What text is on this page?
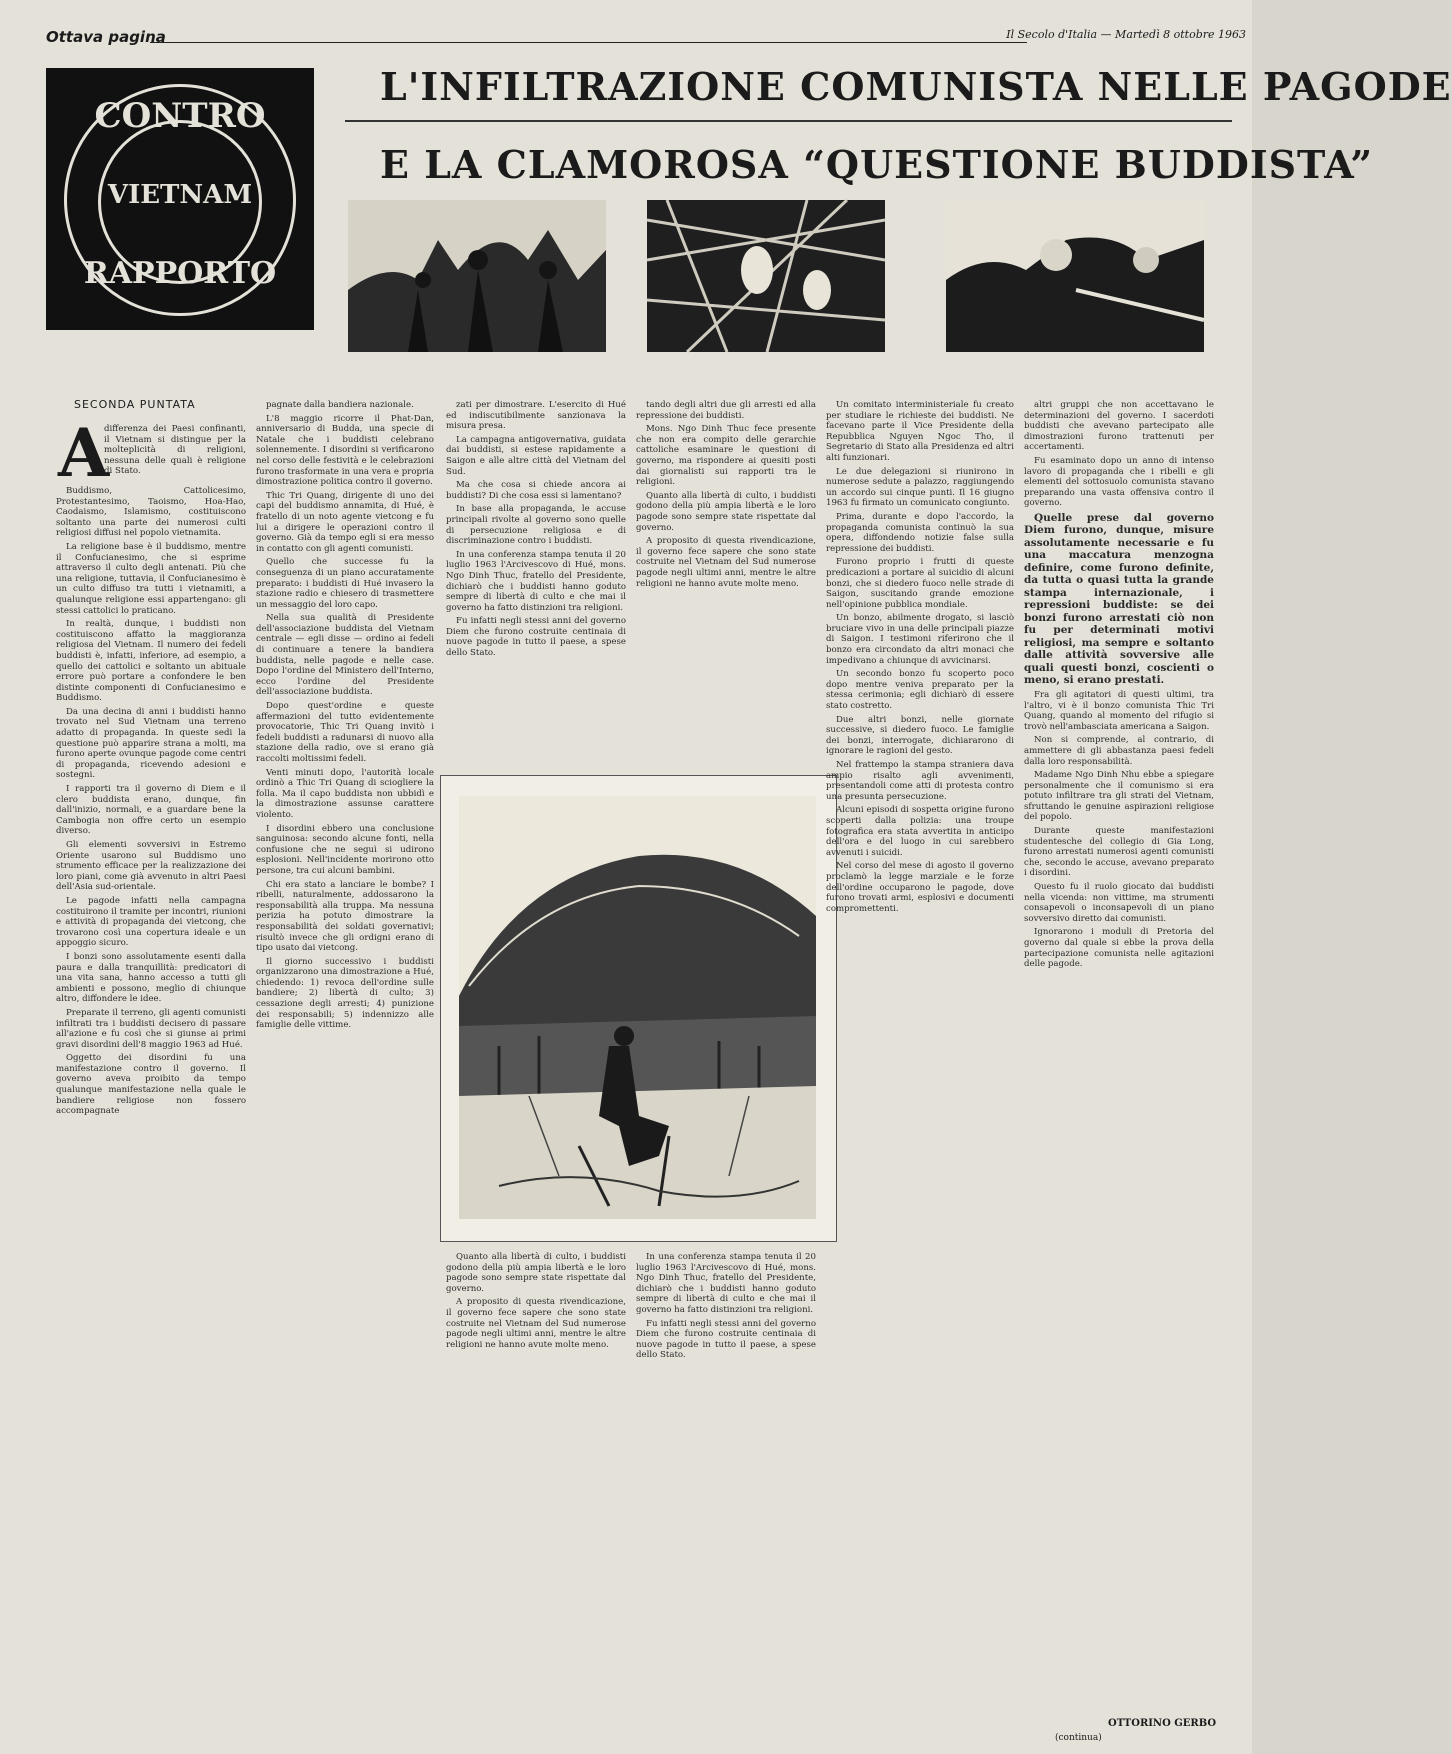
Ottava pagina	Il Secolo d'Italia — Martedì 8 ottobre 1963
CONTRO
VIETNAM
RAPPORTO
L'INFILTRAZIONE COMUNISTA NELLE PAGODE
E LA CLAMOROSA “QUESTIONE BUDDISTA”
SECONDA PUNTATA
A

differenza dei Paesi confinanti, il Vietnam si distingue per la molteplicità di religioni, nessuna delle quali è religione di Stato.

Buddismo, Cattolicesimo, Protestantesimo, Taoismo, Hoa-Hao, Caodaismo, Islamismo, costituiscono soltanto una parte dei numerosi culti religiosi diffusi nel popolo vietnamita.

La religione base è il buddismo, mentre il Confucianesimo, che si esprime attraverso il culto degli antenati. Più che una religione, tuttavia, il Confucianesimo è un culto diffuso tra tutti i vietnamiti, a qualunque religione essi appartengano: gli stessi cattolici lo praticano.

In realtà, dunque, i buddisti non costituiscono affatto la maggioranza religiosa del Vietnam. Il numero dei fedeli buddisti è, infatti, inferiore, ad esempio, a quello dei cattolici e soltanto un abituale errore può portare a confondere le ben distinte componenti di Confucianesimo e Buddismo.

Da una decina di anni i buddisti hanno trovato nel Sud Vietnam una terreno adatto di propaganda. In queste sedi la questione può apparire strana a molti, ma furono aperte ovunque pagode come centri di propaganda, ricevendo adesioni e sostegni.

I rapporti tra il governo di Diem e il clero buddista erano, dunque, fin dall'inizio, normali, e a guardare bene la Cambogia non offre certo un esempio diverso.

Gli elementi sovversivi in Estremo Oriente usarono sul Buddismo uno strumento efficace per la realizzazione dei loro piani, come già avvenuto in altri Paesi dell'Asia sud-orientale.

Le pagode infatti nella campagna costituirono il tramite per incontri, riunioni e attività di propaganda dei vietcong, che trovarono così una copertura ideale e un appoggio sicuro.

I bonzi sono assolutamente esenti dalla paura e dalla tranquillità: predicatori di una vita sana, hanno accesso a tutti gli ambienti e possono, meglio di chiunque altro, diffondere le idee.

Preparate il terreno, gli agenti comunisti infiltrati tra i buddisti decisero di passare all'azione e fu così che si giunse ai primi gravi disordini dell'8 maggio 1963 ad Hué.

Oggetto dei disordini fu una manifestazione contro il governo. Il governo aveva proibito da tempo qualunque manifestazione nella quale le bandiere religiose non fossero accompagnate

pagnate dalla bandiera nazionale.

L'8 maggio ricorre il Phat-Dan, anniversario di Budda, una specie di Natale che i buddisti celebrano solennemente. I disordini si verificarono nel corso delle festività e le celebrazioni furono trasformate in una vera e propria dimostrazione politica contro il governo.

Thic Tri Quang, dirigente di uno dei capi del buddismo annamita, di Hué, è fratello di un noto agente vietcong e fu lui a dirigere le operazioni contro il governo. Già da tempo egli si era messo in contatto con gli agenti comunisti.

Quello che successe fu la conseguenza di un piano accuratamente preparato: i buddisti di Hué invasero la stazione radio e chiesero di trasmettere un messaggio del loro capo.

Nella sua qualità di Presidente dell'associazione buddista del Vietnam centrale — egli disse — ordino ai fedeli di continuare a tenere la bandiera buddista, nelle pagode e nelle case. Dopo l'ordine del Ministero dell'Interno, ecco l'ordine del Presidente dell'associazione buddista.

Dopo quest'ordine e queste affermazioni del tutto evidentemente provocatorie, Thic Tri Quang invitò i fedeli buddisti a radunarsi di nuovo alla stazione della radio, ove si erano già raccolti moltissimi fedeli.

Venti minuti dopo, l'autorità locale ordinò a Thic Tri Quang di sciogliere la folla. Ma il capo buddista non ubbidì e la dimostrazione assunse carattere violento.

I disordini ebbero una conclusione sanguinosa: secondo alcune fonti, nella confusione che ne seguì si udirono esplosioni. Nell'incidente morirono otto persone, tra cui alcuni bambini.

Chi era stato a lanciare le bombe? I ribelli, naturalmente, addossarono la responsabilità alla truppa. Ma nessuna perizia ha potuto dimostrare la responsabilità dei soldati governativi; risultò invece che gli ordigni erano di tipo usato dai vietcong.

Il giorno successivo i buddisti organizzarono una dimostrazione a Hué, chiedendo: 1) revoca dell'ordine sulle bandiere; 2) libertà di culto; 3) cessazione degli arresti; 4) punizione dei responsabili; 5) indennizzo alle famiglie delle vittime.

zati per dimostrare. L'esercito di Hué ed indiscutibilmente sanzionava la misura presa.

La campagna antigovernativa, guidata dai buddisti, si estese rapidamente a Saigon e alle altre città del Vietnam del Sud.

Ma che cosa si chiede ancora ai buddisti? Di che cosa essi si lamentano?

In base alla propaganda, le accuse principali rivolte al governo sono quelle di persecuzione religiosa e di discriminazione contro i buddisti.

In una conferenza stampa tenuta il 20 luglio 1963 l'Arcivescovo di Hué, mons. Ngo Dinh Thuc, fratello del Presidente, dichiarò che i buddisti hanno goduto sempre di libertà di culto e che mai il governo ha fatto distinzioni tra religioni.

Fu infatti negli stessi anni del governo Diem che furono costruite centinaia di nuove pagode in tutto il paese, a spese dello Stato.

tando degli altri due gli arresti ed alla repressione dei buddisti.

Mons. Ngo Dinh Thuc fece presente che non era compito delle gerarchie cattoliche esaminare le questioni di governo, ma rispondere ai quesiti posti dai giornalisti sui rapporti tra le religioni.

Quanto alla libertà di culto, i buddisti godono della più ampia libertà e le loro pagode sono sempre state rispettate dal governo.

A proposito di questa rivendicazione, il governo fece sapere che sono state costruite nel Vietnam del Sud numerose pagode negli ultimi anni, mentre le altre religioni ne hanno avute molte meno.

Quanto alla libertà di culto, i buddisti godono della più ampia libertà e le loro pagode sono sempre state rispettate dal governo.

A proposito di questa rivendicazione, il governo fece sapere che sono state costruite nel Vietnam del Sud numerose pagode negli ultimi anni, mentre le altre religioni ne hanno avute molte meno.

In una conferenza stampa tenuta il 20 luglio 1963 l'Arcivescovo di Hué, mons. Ngo Dinh Thuc, fratello del Presidente, dichiarò che i buddisti hanno goduto sempre di libertà di culto e che mai il governo ha fatto distinzioni tra religioni.

Fu infatti negli stessi anni del governo Diem che furono costruite centinaia di nuove pagode in tutto il paese, a spese dello Stato.

Un comitato interministeriale fu creato per studiare le richieste dei buddisti. Ne facevano parte il Vice Presidente della Repubblica Nguyen Ngoc Tho, il Segretario di Stato alla Presidenza ed altri alti funzionari.

Le due delegazioni si riunirono in numerose sedute a palazzo, raggiungendo un accordo sui cinque punti. Il 16 giugno 1963 fu firmato un comunicato congiunto.

Prima, durante e dopo l'accordo, la propaganda comunista continuò la sua opera, diffondendo notizie false sulla repressione dei buddisti.

Furono proprio i frutti di queste predicazioni a portare al suicidio di alcuni bonzi, che si diedero fuoco nelle strade di Saigon, suscitando grande emozione nell'opinione pubblica mondiale.

Un bonzo, abilmente drogato, si lasciò bruciare vivo in una delle principali piazze di Saigon. I testimoni riferirono che il bonzo era circondato da altri monaci che impedivano a chiunque di avvicinarsi.

Un secondo bonzo fu scoperto poco dopo mentre veniva preparato per la stessa cerimonia; egli dichiarò di essere stato costretto.

Due altri bonzi, nelle giornate successive, si diedero fuoco. Le famiglie dei bonzi, interrogate, dichiararono di ignorare le ragioni del gesto.

Nel frattempo la stampa straniera dava ampio risalto agli avvenimenti, presentandoli come atti di protesta contro una presunta persecuzione.

Alcuni episodi di sospetta origine furono scoperti dalla polizia: una troupe fotografica era stata avvertita in anticipo dell'ora e del luogo in cui sarebbero avvenuti i suicidi.

Nel corso del mese di agosto il governo proclamò la legge marziale e le forze dell'ordine occuparono le pagode, dove furono trovati armi, esplosivi e documenti compromettenti.

altri gruppi che non accettavano le determinazioni del governo. I sacerdoti buddisti che avevano partecipato alle dimostrazioni furono trattenuti per accertamenti.

Fu esaminato dopo un anno di intenso lavoro di propaganda che i ribelli e gli elementi del sottosuolo comunista stavano preparando una vasta offensiva contro il governo.

Quelle prese dal governo Diem furono, dunque, misure assolutamente necessarie e fu una maccatura menzogna definire, come furono definite, da tutta o quasi tutta la grande stampa internazionale, i repressioni buddiste: se dei bonzi furono arrestati ciò non fu per determinati motivi religiosi, ma sempre e soltanto dalle attività sovversive alle quali questi bonzi, coscienti o meno, si erano prestati.

Fra gli agitatori di questi ultimi, tra l'altro, vi è il bonzo comunista Thic Tri Quang, quando al momento del rifugio si trovò nell'ambasciata americana a Saigon.

Non si comprende, al contrario, di ammettere di gli abbastanza paesi fedeli dalla loro responsabilità.

Madame Ngo Dinh Nhu ebbe a spiegare personalmente che il comunismo si era potuto infiltrare tra gli strati del Vietnam, sfruttando le genuine aspirazioni religiose del popolo.

Durante queste manifestazioni studentesche del collegio di Gia Long, furono arrestati numerosi agenti comunisti che, secondo le accuse, avevano preparato i disordini.

Questo fu il ruolo giocato dai buddisti nella vicenda: non vittime, ma strumenti consapevoli o inconsapevoli di un piano sovversivo diretto dai comunisti.

Ignorarono i moduli di Pretoria del governo dal quale si ebbe la prova della partecipazione comunista nelle agitazioni delle pagode.

OTTORINO GERBO
(continua)
